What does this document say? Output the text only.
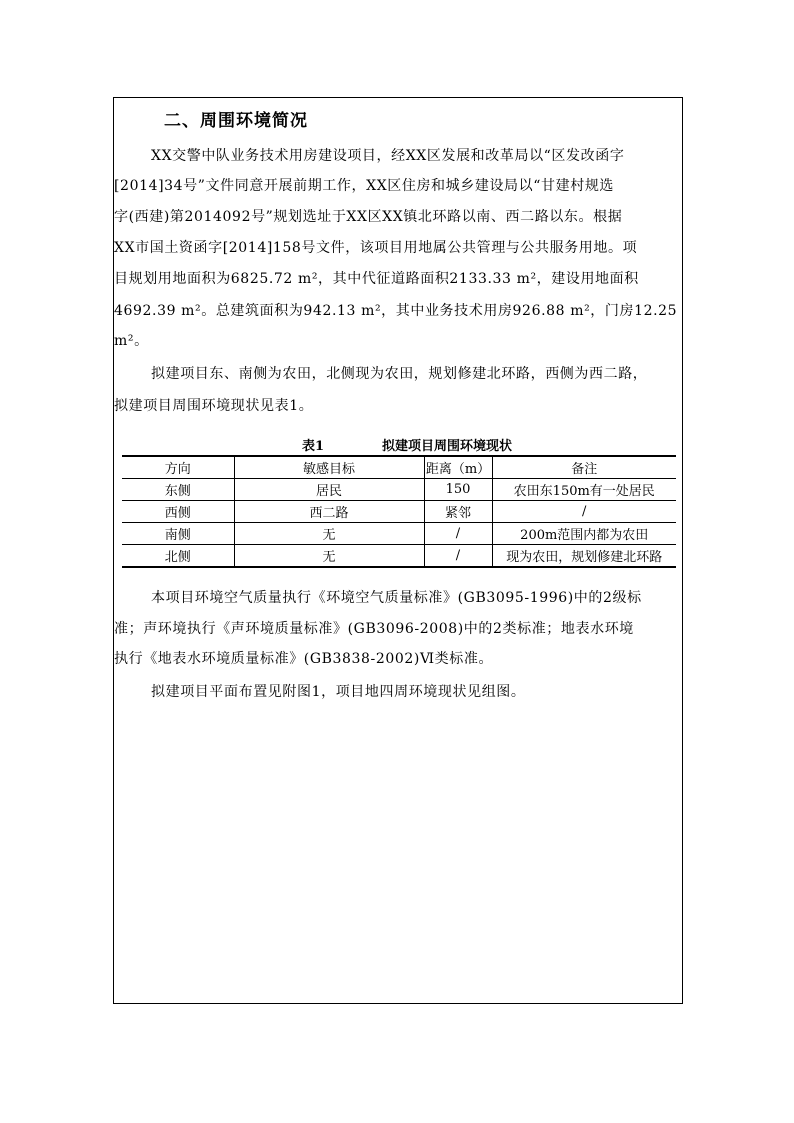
二、周围环境简况
XX交警中队业务技术用房建设项目，经XX区发展和改革局以“区发改函字
[2014]34号”文件同意开展前期工作，XX区住房和城乡建设局以“甘建村规选
字(西建)第2014092号”规划选址于XX区XX镇北环路以南、西二路以东。根据
XX市国土资函字[2014]158号文件，该项目用地属公共管理与公共服务用地。项
目规划用地面积为6825.72 m²，其中代征道路面积2133.33 m²，建设用地面积
4692.39 m²。总建筑面积为942.13 m²，其中业务技术用房926.88 m²，门房12.25
m²。
拟建项目东、南侧为农田，北侧现为农田，规划修建北环路，西侧为西二路，
拟建项目周围环境现状见表1。
表1	拟建项目周围环境现状
方向	敏感目标	距离（m）	备注
东侧	居民	150	农田东150m有一处居民
西侧	西二路	紧邻	/
南侧	无	/	200m范围内都为农田
北侧	无	/	现为农田，规划修建北环路
本项目环境空气质量执行《环境空气质量标准》(GB3095-1996)中的2级标
准；声环境执行《声环境质量标准》(GB3096-2008)中的2类标准；地表水环境
执行《地表水环境质量标准》(GB3838-2002)Ⅵ类标准。
拟建项目平面布置见附图1，项目地四周环境现状见组图。
